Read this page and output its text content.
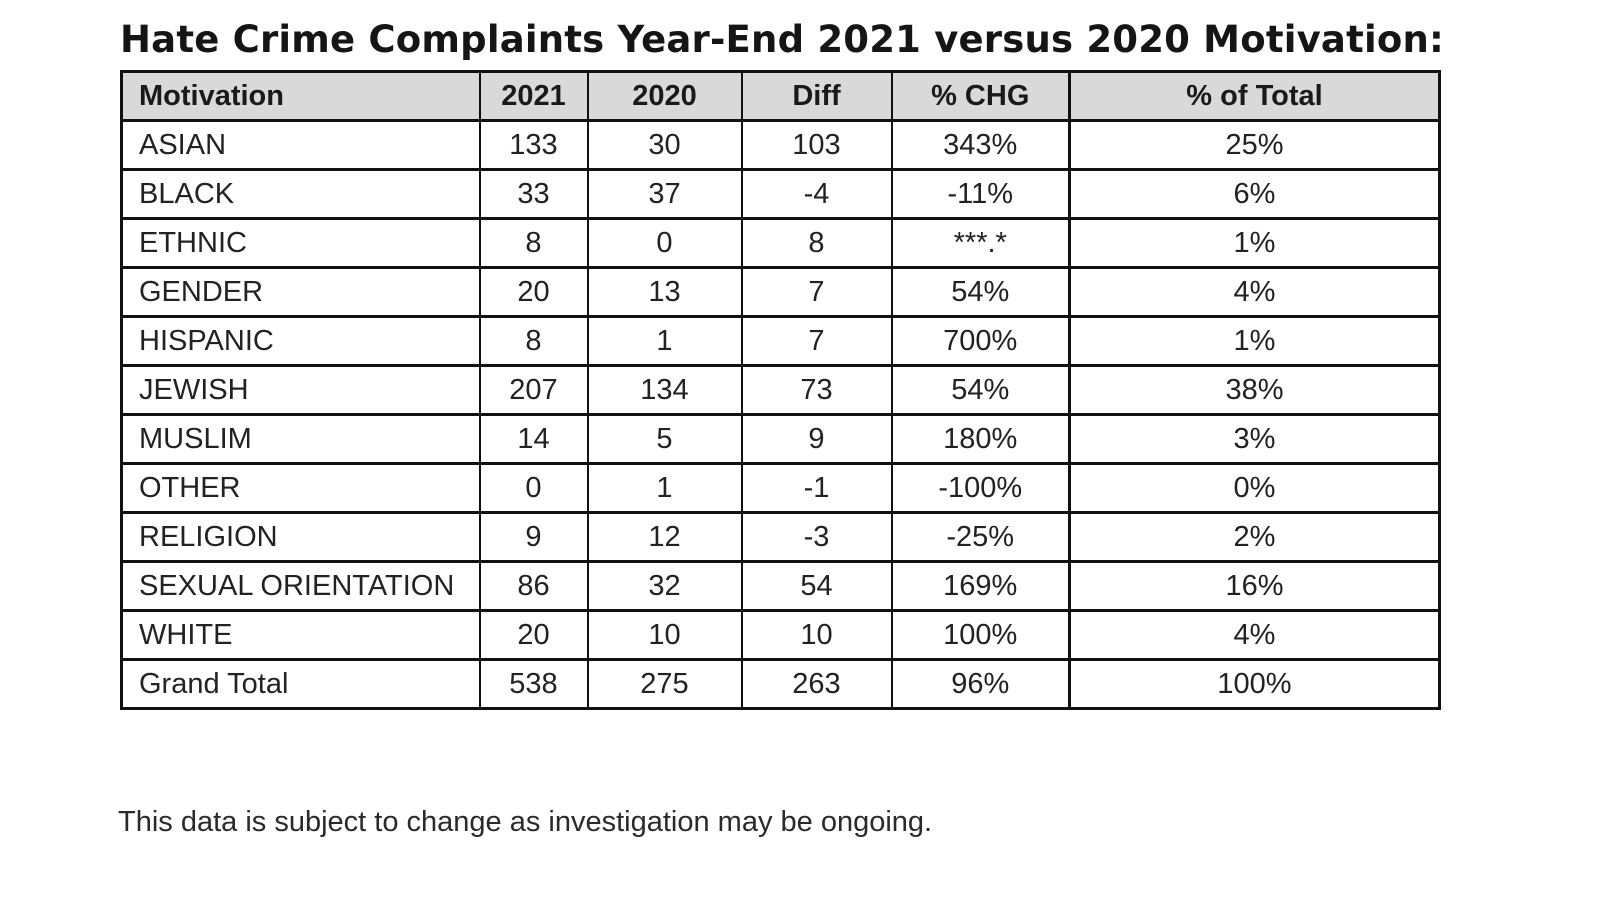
Hate Crime Complaints Year-End 2021 versus 2020 Motivation:
Motivation	2021	2020	Diff	% CHG	% of Total
ASIAN	133	30	103	343%	25%
BLACK	33	37	-4	-11%	6%
ETHNIC	8	0	8	***.*	1%
GENDER	20	13	7	54%	4%
HISPANIC	8	1	7	700%	1%
JEWISH	207	134	73	54%	38%
MUSLIM	14	5	9	180%	3%
OTHER	0	1	-1	-100%	0%
RELIGION	9	12	-3	-25%	2%
SEXUAL ORIENTATION	86	32	54	169%	16%
WHITE	20	10	10	100%	4%
Grand Total	538	275	263	96%	100%
This data is subject to change as investigation may be ongoing.
